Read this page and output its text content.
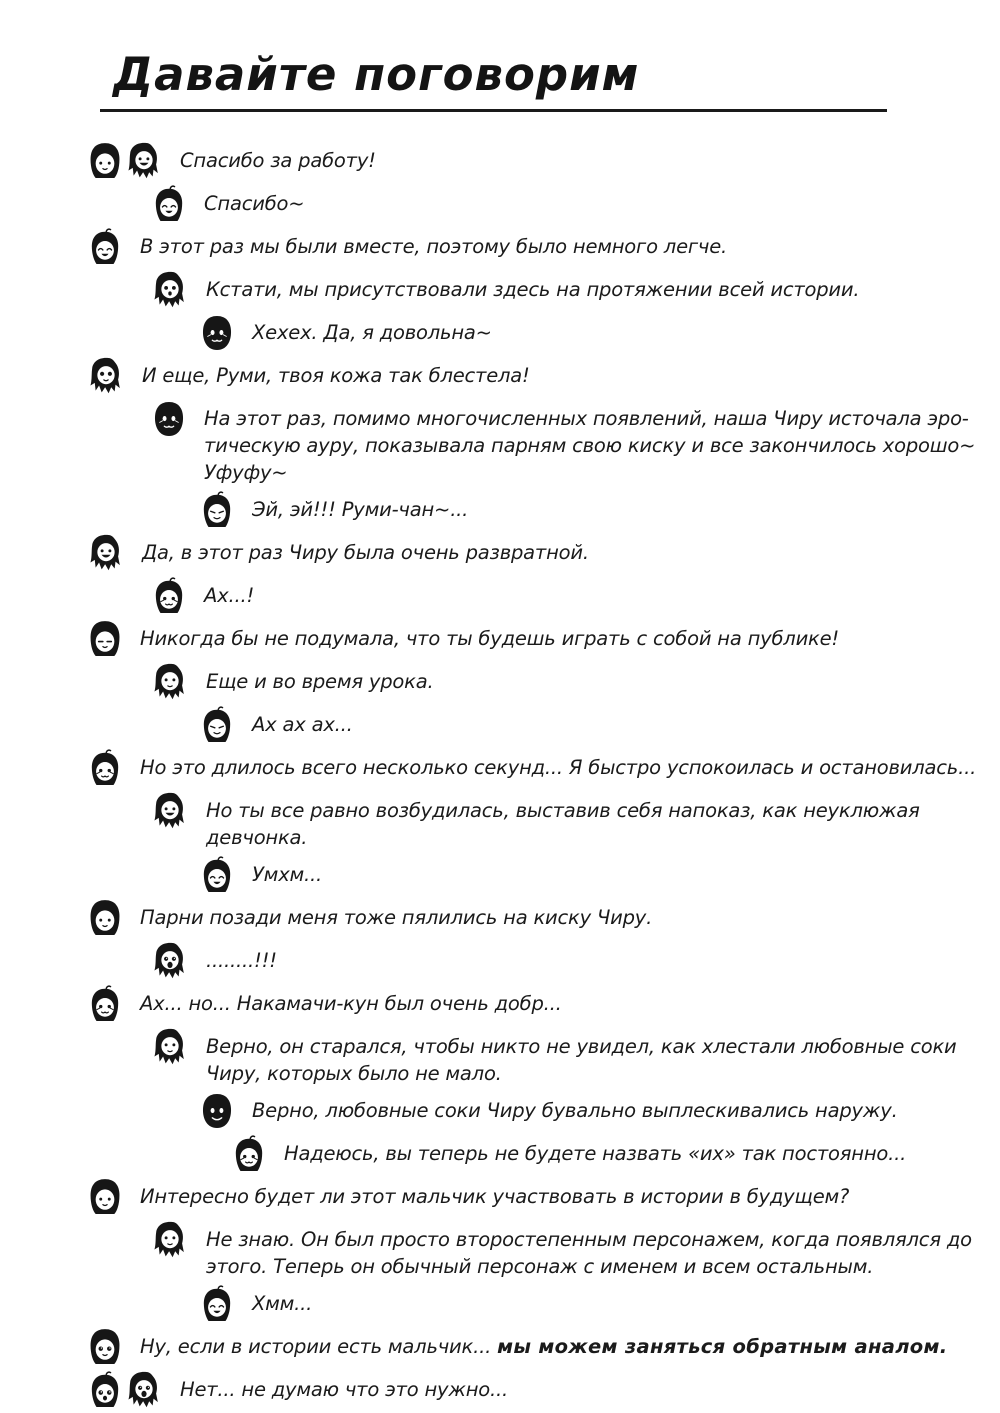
Давайте поговорим

Спасибо за работу!

Спасибо~

В этот раз мы были вместе, поэтому было немного легче.

Кстати, мы присутствовали здесь на протяжении всей истории.

Хехех. Да, я довольна~

И еще, Руми, твоя кожа так блестела!

На этот раз, помимо многочисленных появлений, наша Чиру источала эро-тическую ауру, показывала парням свою киску и все закончилось хорошо~ Уфуфу~

Эй, эй!!! Руми-чан~...

Да, в этот раз Чиру была очень развратной.

Ах...!

Никогда бы не подумала, что ты будешь играть с собой на публике!

Еще и во время урока.

Ах ах ах...

Но это длилось всего несколько секунд... Я быстро успокоилась и остановилась...

Но ты все равно возбудилась, выставив себя напоказ, как неуклюжая девчонка.

Умхм...

Парни позади меня тоже пялились на киску Чиру.

........!!!

Ах... но... Накамачи-кун был очень добр...

Верно, он старался, чтобы никто не увидел, как хлестали любовные соки Чиру, которых было не мало.

Верно, любовные соки Чиру бувально выплескивались наружу.

Надеюсь, вы теперь не будете назвать «их» так постоянно...

Интересно будет ли этот мальчик участвовать в истории в будущем?

Не знаю. Он был просто второстепенным персонажем, когда появлялся до этого. Теперь он обычный персонаж с именем и всем остальным.

Хмм...

Ну, если в истории есть мальчик... мы можем заняться обратным аналом.

Нет... не думаю что это нужно...
